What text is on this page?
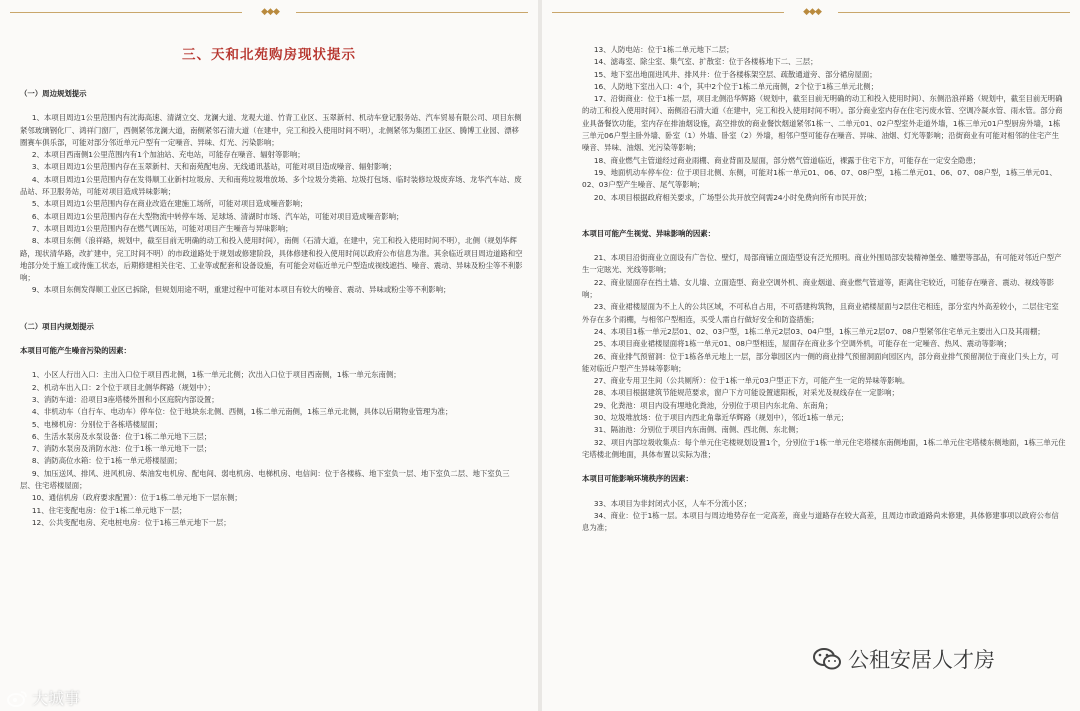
◆◆◆
三、天和北苑购房现状提示

（一）周边规划提示

1、本项目周边1公里范围内有沈海高速、清湖立交、龙澜大道、龙观大道、竹青工业区、玉翠新村、机动车登记服务站、汽车贸易有限公司、项目东侧紧邻玻璃钢化厂、鸿祥门窗厂，西侧紧邻龙澜大道，南侧紧邻石清大道（在建中，完工和投入使用时间不明），北侧紧邻为集团工业区、腾博工业园、漂移圈赛车俱乐部，可能对部分邻近单元户型有一定噪音、异味、灯光、污染影响；

2、本项目西南侧1公里范围内有1个加油站、充电站，可能存在噪音、辐射等影响；

3、本项目周边1公里范围内存在玉翠新村、天和南苑配电房、无线通讯基站，可能对项目造成噪音、辐射影响；

4、本项目周边1公里范围内存在发得顺工业新村垃圾房、天和南苑垃圾堆放场、多个垃圾分类箱、垃圾打包场、临时装修垃圾废弃场、龙华汽车站、废品站、环卫服务站，可能对项目造成异味影响；

5、本项目周边1公里范围内存在商业改造在建施工场所，可能对项目造成噪音影响；

6、本项目周边1公里范围内存在大型物流中转停车场、足球场、清湖时市场、汽车站，可能对项目造成噪音影响；

7、本项目周边1公里范围内存在燃气调压站，可能对项目产生噪音与异味影响；

8、本项目东侧（浪祥路，规划中，截至目前无明确的动工和投入使用时间），南侧（石清大道，在建中，完工和投入使用时间不明），北侧（规划华辉路，现状清华路，改扩建中，完工时间不明）的市政道路处于规划或修建阶段，具体修建和投入使用时间以政府公布信息为准。其余临近项目周边道路和空地部分处于施工或待施工状态，后期修建相关住宅、工业等或配套和设备设施，有可能会对临近单元户型造成视线遮挡、噪音、震动、异味及粉尘等不利影响；

9、本项目东侧发得顺工业区已拆除，但规划用途不明，重建过程中可能对本项目有较大的噪音、震动、异味或粉尘等不利影响；

（二）项目内规划提示

本项目可能产生噪音污染的因素：

1、小区人行出入口：主出入口位于项目西北侧，1栋一单元北侧；次出入口位于项目西南侧，1栋一单元东南侧；

2、机动车出入口：2个位于项目北侧华辉路（规划中）；

3、消防车道：沿项目3座塔楼外围和小区庭院内部设置；

4、非机动车（自行车、电动车）停车位：位于地块东北侧、西侧，1栋二单元南侧，1栋三单元北侧，具体以后期物业管理为准；

5、电梯机房：分别位于各栋塔楼屋面；

6、生活水泵房及水泵设备：位于1栋二单元地下三层；

7、消防水泵房及消防水池：位于1栋一单元地下一层；

8、消防高位水箱：位于1栋一单元塔楼屋面；

9、加压送风、排风、进风机房、柴油发电机房、配电间、弱电机房、电梯机房、电信间：位于各楼栋、地下室负一层、地下室负二层、地下室负三层、住宅塔楼屋面；

10、通信机房（政府要求配置）：位于1栋二单元地下一层东侧；

11、住宅变配电房：位于1栋二单元地下一层；

12、公共变配电房、充电桩电房：位于1栋三单元地下一层；

◆◆◆

13、人防电站：位于1栋二单元地下二层；

14、滤毒室、除尘室、集气室、扩散室：位于各楼栋地下二、三层；

15、地下室出地面进风井、排风井：位于各楼栋架空层、疏散通道旁、部分裙房屋面；

16、人防地下室出入口：4个，其中2个位于1栋二单元南侧，2个位于1栋三单元北侧；

17、沿街商业：位于1栋一层，项目北侧沿华辉路（规划中，截至目前无明确的动工和投入使用时间）、东侧沿浪祥路（规划中，截至目前无明确的动工和投入使用时间）、南侧沿石清大道（在建中，完工和投入使用时间不明）。部分商业室内存在住宅污废水管、空调冷凝水管、雨水管。部分商业具备餐饮功能，室内存在排油烟设施，高空排放的商业餐饮烟道紧邻1栋一、二单元01、02户型室外走道外墙，1栋三单元01户型厨房外墙，1栋三单元06户型主卧外墙、卧室（1）外墙、卧室（2）外墙，相邻户型可能存在噪音、异味、油烟、灯光等影响；沿街商业有可能对相邻的住宅产生噪音、异味、油烟、光污染等影响；

18、商业燃气主管道经过商业雨棚、商业背面及屋面，部分燃气管道临近，裸露于住宅下方，可能存在一定安全隐患；

19、地面机动车停车位：位于项目北侧、东侧，可能对1栋一单元01、06、07、08户型，1栋二单元01、06、07、08户型，1栋三单元01、02、03户型产生噪音、尾气等影响；

20、本项目根据政府相关要求，广场型公共开放空间需24小时免费向所有市民开放；

本项目可能产生视觉、异味影响的因素：

21、本项目沿街商业立面设有广告位、壁灯，局部商铺立面造型设有泛光照明。商业外围局部安装精神堡垒、雕塑等部品，有可能对邻近户型产生一定眩光、光线等影响；

22、商业屋面存在挡土墙、女儿墙、立面造型、商业空调外机、商业烟道、商业燃气管道等，距离住宅较近，可能存在噪音、震动、视线等影响；

23、商业裙楼屋面为不上人的公共区域，不可私自占用，不可搭建构筑物，且商业裙楼屋面与2层住宅相连，部分室内外高差较小，二层住宅室外存在多个雨棚，与相邻户型相连，买受人需自行做好安全和防盗措施；

24、本项目1栋一单元2层01、02、03户型，1栋二单元2层03、04户型，1栋三单元2层07、08户型紧邻住宅单元主要出入口及其雨棚；

25、本项目商业裙楼屋面将1栋一单元01、08户型相连，屋面存在商业多个空调外机，可能存在一定噪音、热风、震动等影响；

26、商业排气预留洞：位于1栋各单元地上一层，部分靠园区内一侧的商业排气预留洞面向园区内，部分商业排气预留洞位于商业门头上方，可能对临近户型产生异味等影响；

27、商业专用卫生间（公共厕所）：位于1栋一单元03户型正下方，可能产生一定的异味等影响。

28、本项目根据建筑节能规范要求，窗户下方可能设置遮阳板，对采光及视线存在一定影响；

29、化粪池：项目内设有埋地化粪池，分别位于项目内东北角、东南角；

30、垃圾堆放场：位于项目内西北角靠近华辉路（规划中），邻近1栋一单元；

31、隔油池：分别位于项目内东南侧、南侧、西北侧、东北侧；

32、项目内部垃圾收集点：每个单元住宅楼规划设置1个，分别位于1栋一单元住宅塔楼东南侧地面，1栋二单元住宅塔楼东侧地面，1栋三单元住宅塔楼北侧地面，具体布置以实际为准；

本项目可能影响环境秩序的因素：

33、本项目为非封闭式小区，人车不分流小区；

34、商业：位于1栋一层。本项目与周边地势存在一定高差，商业与道路存在较大高差，且周边市政道路尚未修建，具体修建事项以政府公布信息为准；

公租安居人才房
大城事
